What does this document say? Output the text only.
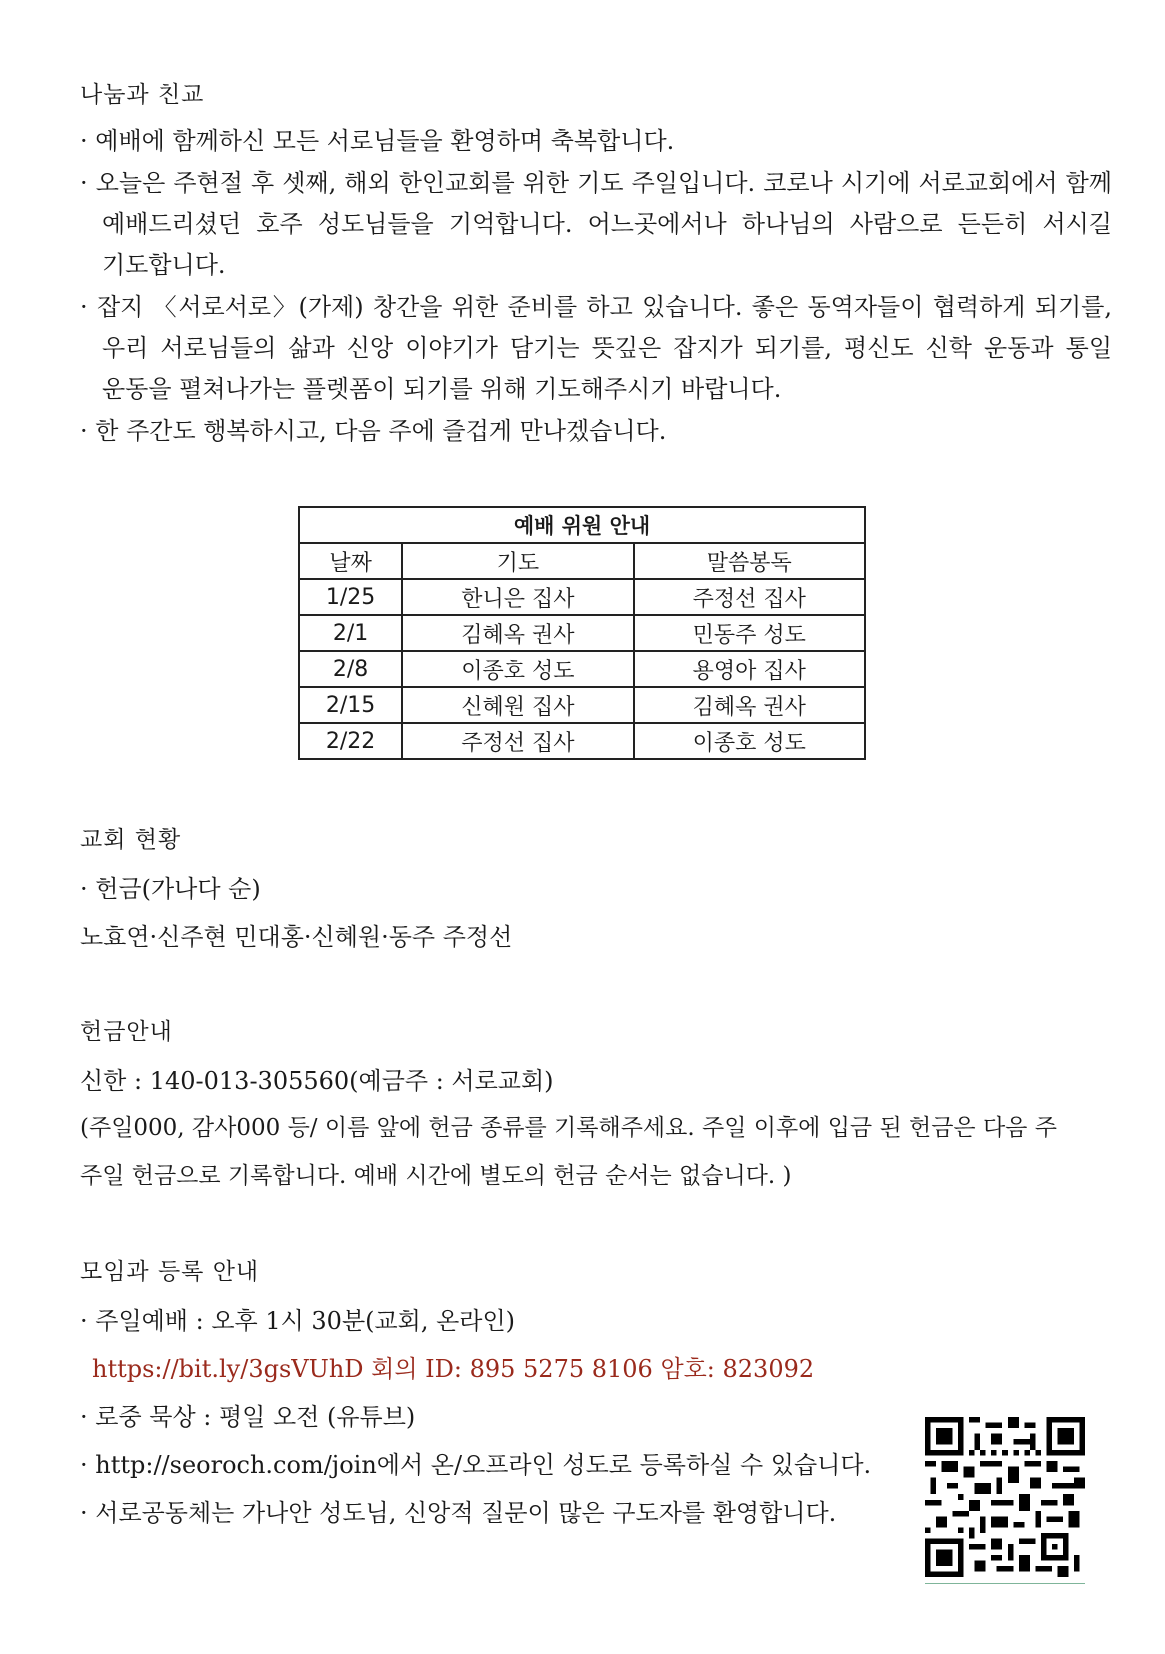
나눔과 친교

· 예배에 함께하신 모든 서로님들을 환영하며 축복합니다.

· 오늘은 주현절 후 셋째, 해외 한인교회를 위한 기도 주일입니다. 코로나 시기에 서로교회에서 함께 예배드리셨던 호주 성도님들을 기억합니다. 어느곳에서나 하나님의 사람으로 든든히 서시길 기도합니다.

· 잡지 〈서로서로〉(가제) 창간을 위한 준비를 하고 있습니다. 좋은 동역자들이 협력하게 되기를, 우리 서로님들의 삶과 신앙 이야기가 담기는 뜻깊은 잡지가 되기를, 평신도 신학 운동과 통일 운동을 펼쳐나가는 플렛폼이 되기를 위해 기도해주시기 바랍니다.

· 한 주간도 행복하시고, 다음 주에 즐겁게 만나겠습니다.

예배 위원 안내		
날짜	기도	말씀봉독
1/25	한니은 집사	주정선 집사
2/1	김혜옥 권사	민동주 성도
2/8	이종호 성도	용영아 집사
2/15	신혜원 집사	김혜옥 권사
2/22	주정선 집사	이종호 성도
교회 현황

· 헌금(가나다 순)

노효연·신주현 민대홍·신혜원·동주 주정선

헌금안내

신한 : 140-013-305560(예금주 : 서로교회)

(주일000, 감사000 등/ 이름 앞에 헌금 종류를 기록해주세요. 주일 이후에 입금 된 헌금은 다음 주

주일 헌금으로 기록합니다. 예배 시간에 별도의 헌금 순서는 없습니다. )

모임과 등록 안내

· 주일예배 : 오후 1시 30분(교회, 온라인)

https://bit.ly/3gsVUhD 회의 ID: 895 5275 8106 암호: 823092

· 로중 묵상 : 평일 오전 (유튜브)

· http://seoroch.com/join에서 온/오프라인 성도로 등록하실 수 있습니다.

· 서로공동체는 가나안 성도님, 신앙적 질문이 많은 구도자를 환영합니다.
